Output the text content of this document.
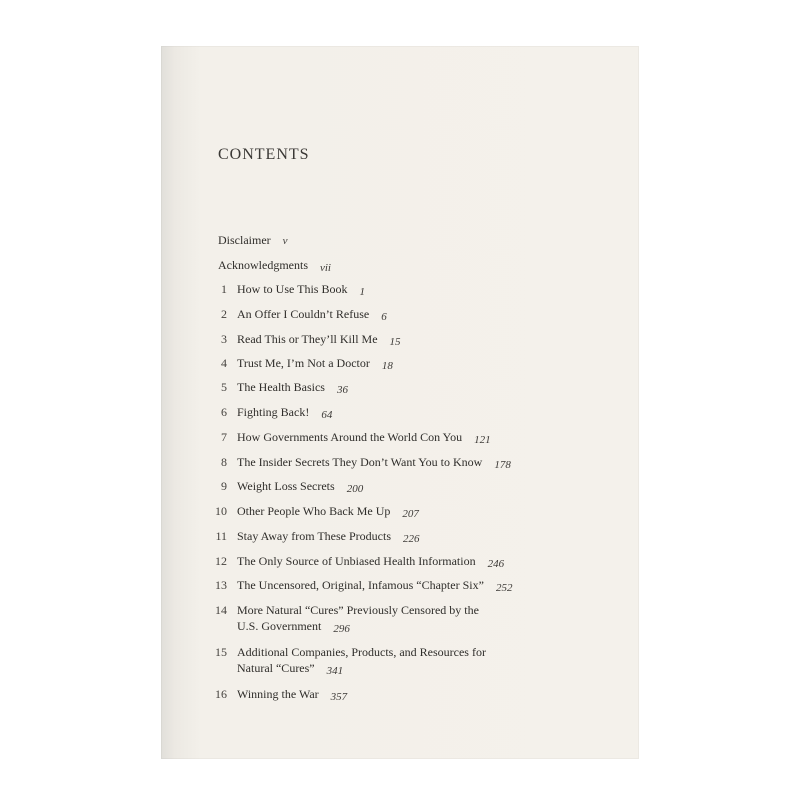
CONTENTS
Disclaimer v
Acknowledgments vii
1 How to Use This Book 1
2 An Offer I Couldn’t Refuse 6
3 Read This or They’ll Kill Me 15
4 Trust Me, I’m Not a Doctor 18
5 The Health Basics 36
6 Fighting Back! 64
7 How Governments Around the World Con You 121
8 The Insider Secrets They Don’t Want You to Know 178
9 Weight Loss Secrets 200
10 Other People Who Back Me Up 207
11 Stay Away from These Products 226
12 The Only Source of Unbiased Health Information 246
13 The Uncensored, Original, Infamous “Chapter Six” 252
14 More Natural “Cures” Previously Censored by the
U.S. Government 296
15 Additional Companies, Products, and Resources for
Natural “Cures” 341
16 Winning the War 357
